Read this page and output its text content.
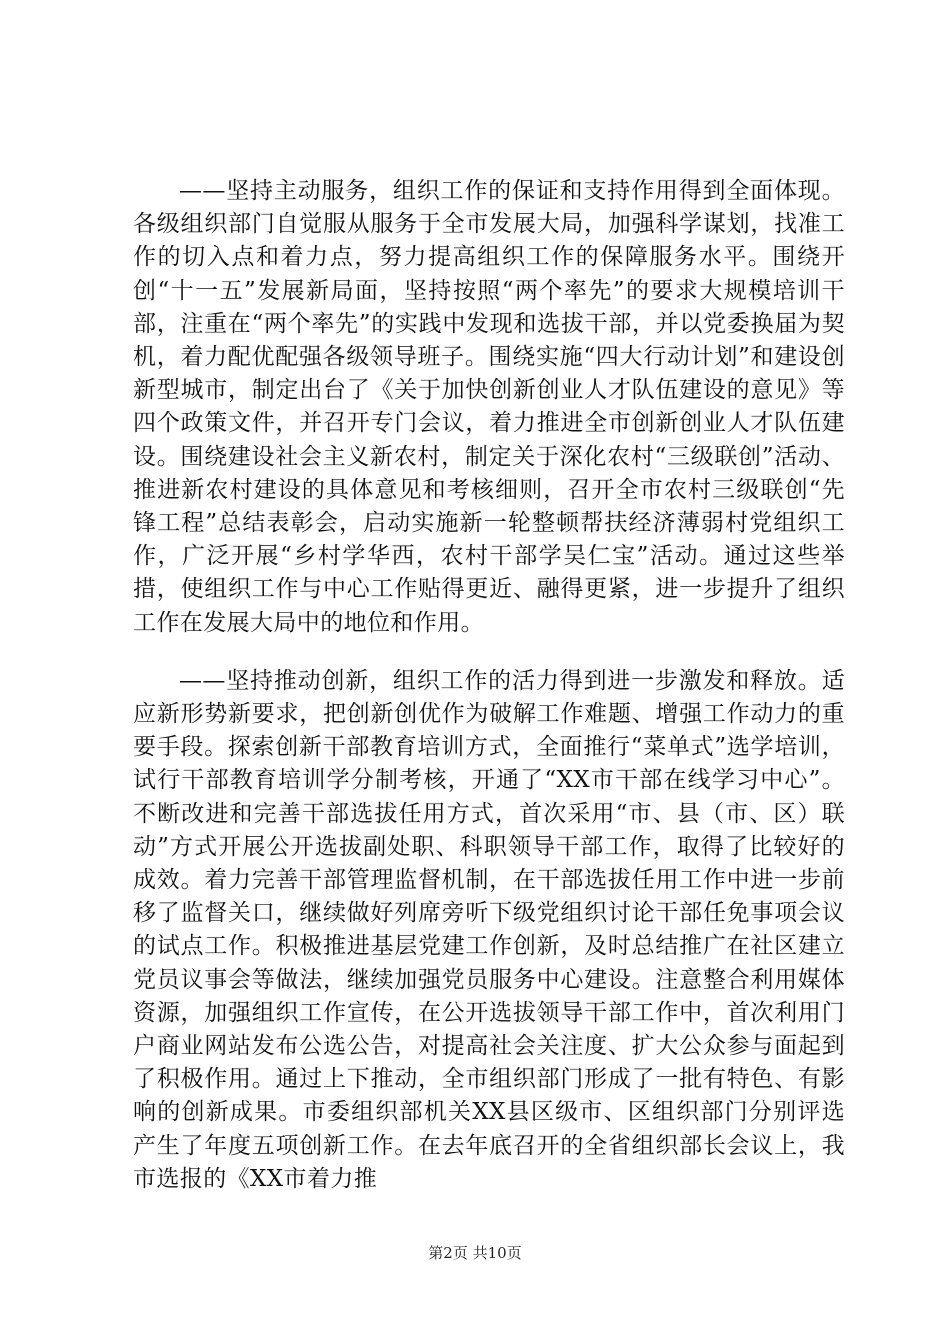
——坚持主动服务，组织工作的保证和支持作用得到全面体现。各级组织部门自觉服从服务于全市发展大局，加强科学谋划，找准工作的切入点和着力点，努力提高组织工作的保障服务水平。围绕开创“十一五”发展新局面，坚持按照“两个率先”的要求大规模培训干部，注重在“两个率先”的实践中发现和选拔干部，并以党委换届为契机，着力配优配强各级领导班子。围绕实施“四大行动计划”和建设创新型城市，制定出台了《关于加快创新创业人才队伍建设的意见》等四个政策文件，并召开专门会议，着力推进全市创新创业人才队伍建设。围绕建设社会主义新农村，制定关于深化农村“三级联创”活动、推进新农村建设的具体意见和考核细则，召开全市农村三级联创“先锋工程”总结表彰会，启动实施新一轮整顿帮扶经济薄弱村党组织工作，广泛开展“乡村学华西，农村干部学吴仁宝”活动。通过这些举措，使组织工作与中心工作贴得更近、融得更紧，进一步提升了组织工作在发展大局中的地位和作用。

——坚持推动创新，组织工作的活力得到进一步激发和释放。适应新形势新要求，把创新创优作为破解工作难题、增强工作动力的重要手段。探索创新干部教育培训方式，全面推行“菜单式”选学培训，试行干部教育培训学分制考核，开通了“XX市干部在线学习中心”。不断改进和完善干部选拔任用方式，首次采用“市、县（市、区）联动”方式开展公开选拔副处职、科职领导干部工作，取得了比较好的成效。着力完善干部管理监督机制，在干部选拔任用工作中进一步前移了监督关口，继续做好列席旁听下级党组织讨论干部任免事项会议的试点工作。积极推进基层党建工作创新，及时总结推广在社区建立党员议事会等做法，继续加强党员服务中心建设。注意整合利用媒体资源，加强组织工作宣传，在公开选拔领导干部工作中，首次利用门户商业网站发布公选公告，对提高社会关注度、扩大公众参与面起到了积极作用。通过上下推动，全市组织部门形成了一批有特色、有影响的创新成果。市委组织部机关XX县区级市、区组织部门分别评选产生了年度五项创新工作。在去年底召开的全省组织部长会议上，我市选报的《XX市着力推

第2页 共10页
